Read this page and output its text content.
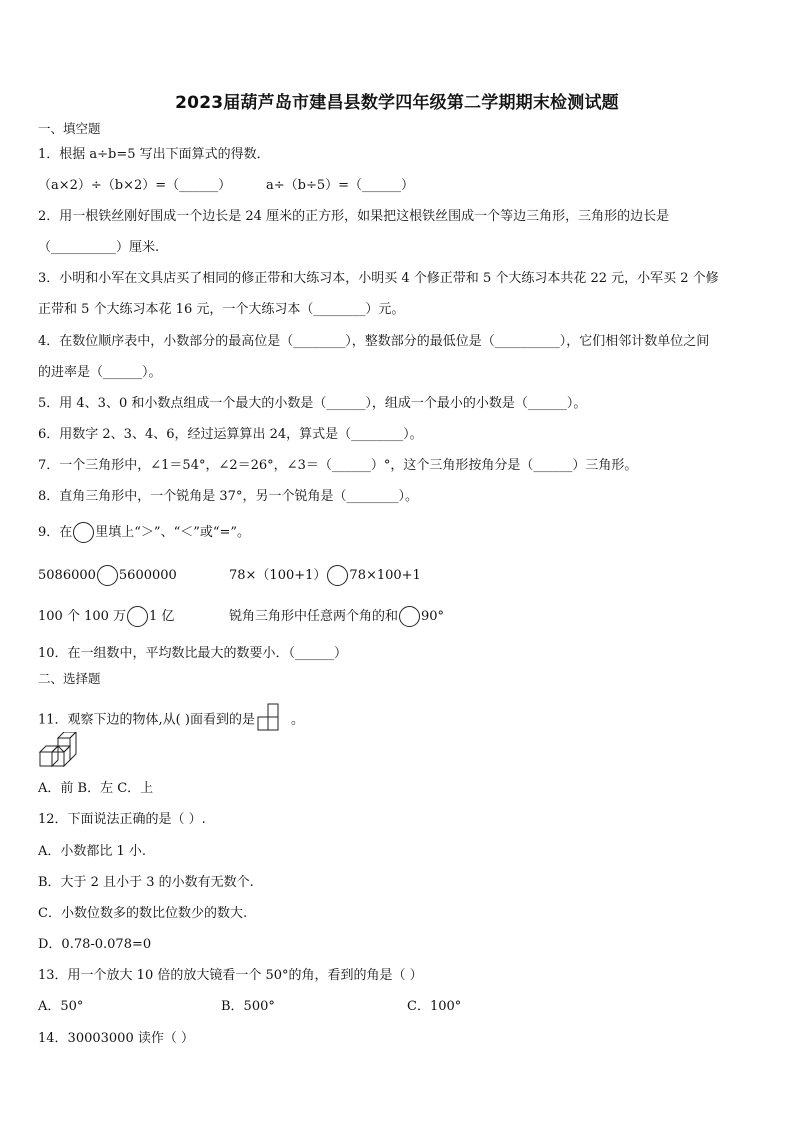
2023届葫芦岛市建昌县数学四年级第二学期期末检测试题
一、填空题
1．根据 a÷b=5 写出下面算式的得数．
（a×2）÷（b×2）=（______）	a÷（b÷5）=（______）
2．用一根铁丝刚好围成一个边长是 24 厘米的正方形，如果把这根铁丝围成一个等边三角形，三角形的边长是
（__________）厘米.
3．小明和小军在文具店买了相同的修正带和大练习本，小明买 4 个修正带和 5 个大练习本共花 22 元，小军买 2 个修
正带和 5 个大练习本花 16 元，一个大练习本（________）元。
4．在数位顺序表中，小数部分的最高位是（________），整数部分的最低位是（__________），它们相邻计数单位之间
的进率是（______）。
5．用 4、3、0 和小数点组成一个最大的小数是（______），组成一个最小的小数是（______）。
6．用数字 2、3、4、6，经过运算算出 24，算式是（________）。
7．一个三角形中，∠1＝54°，∠2＝26°，∠3＝（______）°，这个三角形按角分是（______）三角形。
8．直角三角形中，一个锐角是 37°，另一个锐角是（________）。
9．在 里填上“＞”、“＜”或“=”。
5086000 5600000	78×（100+1） 78×100+1
100 个 100 万 1 亿	锐角三角形中任意两个角的和 90°
10．在一组数中，平均数比最大的数要小．（______）
二、选择题
11．观察下边的物体,从( )面看到的是	。
A．前 B．左 C．上
12．下面说法正确的是（ ）.
A．小数都比 1 小.
B．大于 2 且小于 3 的小数有无数个.
C．小数位数多的数比位数少的数大.
D．0.78-0.078=0
13．用一个放大 10 倍的放大镜看一个 50°的角，看到的角是（ ）
A．50°	B．500°	C．100°
14．30003000 读作（ ）
